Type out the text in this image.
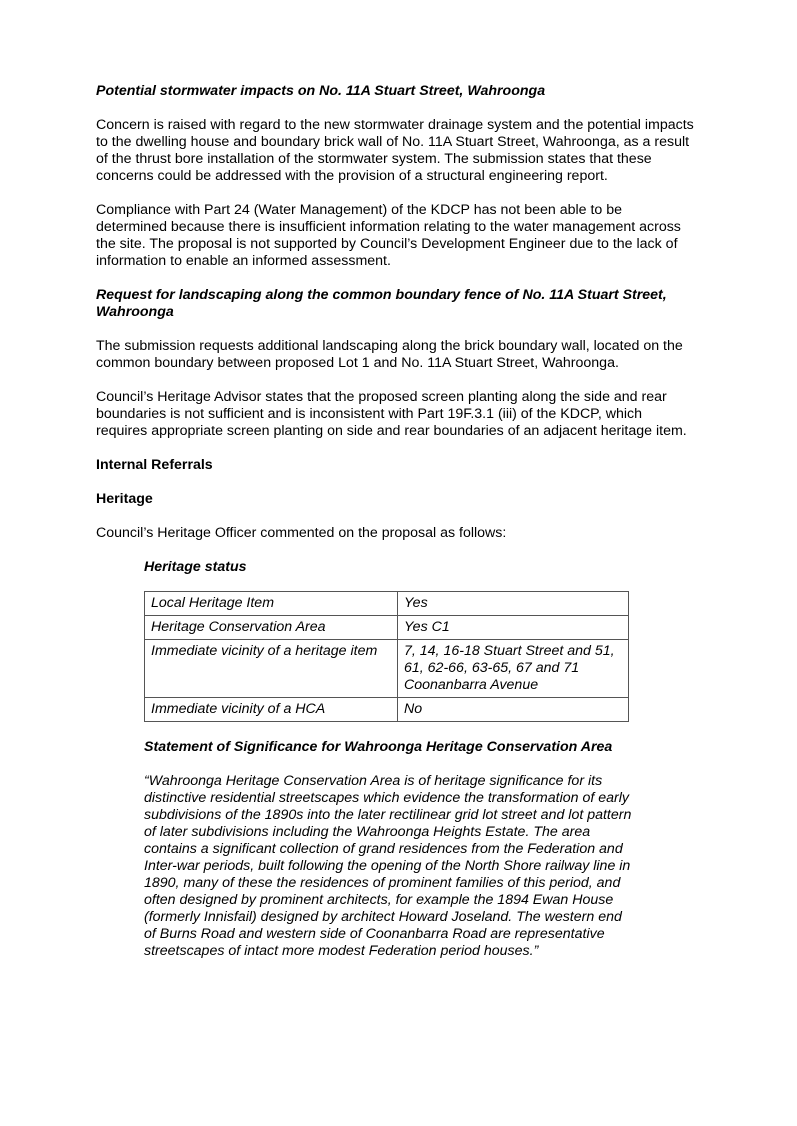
Potential stormwater impacts on No. 11A Stuart Street, Wahroonga

Concern is raised with regard to the new stormwater drainage system and the potential impacts to the dwelling house and boundary brick wall of No. 11A Stuart Street, Wahroonga, as a result of the thrust bore installation of the stormwater system. The submission states that these concerns could be addressed with the provision of a structural engineering report.

Compliance with Part 24 (Water Management) of the KDCP has not been able to be determined because there is insufficient information relating to the water management across the site. The proposal is not supported by Council’s Development Engineer due to the lack of information to enable an informed assessment.

Request for landscaping along the common boundary fence of No. 11A Stuart Street, Wahroonga

The submission requests additional landscaping along the brick boundary wall, located on the common boundary between proposed Lot 1 and No. 11A Stuart Street, Wahroonga.

Council’s Heritage Advisor states that the proposed screen planting along the side and rear boundaries is not sufficient and is inconsistent with Part 19F.3.1 (iii) of the KDCP, which requires appropriate screen planting on side and rear boundaries of an adjacent heritage item.

Internal Referrals

Heritage

Council’s Heritage Officer commented on the proposal as follows:

Heritage status

Local Heritage Item	Yes
Heritage Conservation Area	Yes C1
Immediate vicinity of a heritage item	7, 14, 16-18 Stuart Street and 51, 61, 62-66, 63-65, 67 and 71 Coonanbarra Avenue
Immediate vicinity of a HCA	No

Statement of Significance for Wahroonga Heritage Conservation Area

“Wahroonga Heritage Conservation Area is of heritage significance for its distinctive residential streetscapes which evidence the transformation of early subdivisions of the 1890s into the later rectilinear grid lot street and lot pattern of later subdivisions including the Wahroonga Heights Estate. The area contains a significant collection of grand residences from the Federation and Inter-war periods, built following the opening of the North Shore railway line in 1890, many of these the residences of prominent families of this period, and often designed by prominent architects, for example the 1894 Ewan House (formerly Innisfail) designed by architect Howard Joseland. The western end of Burns Road and western side of Coonanbarra Road are representative streetscapes of intact more modest Federation period houses.”
